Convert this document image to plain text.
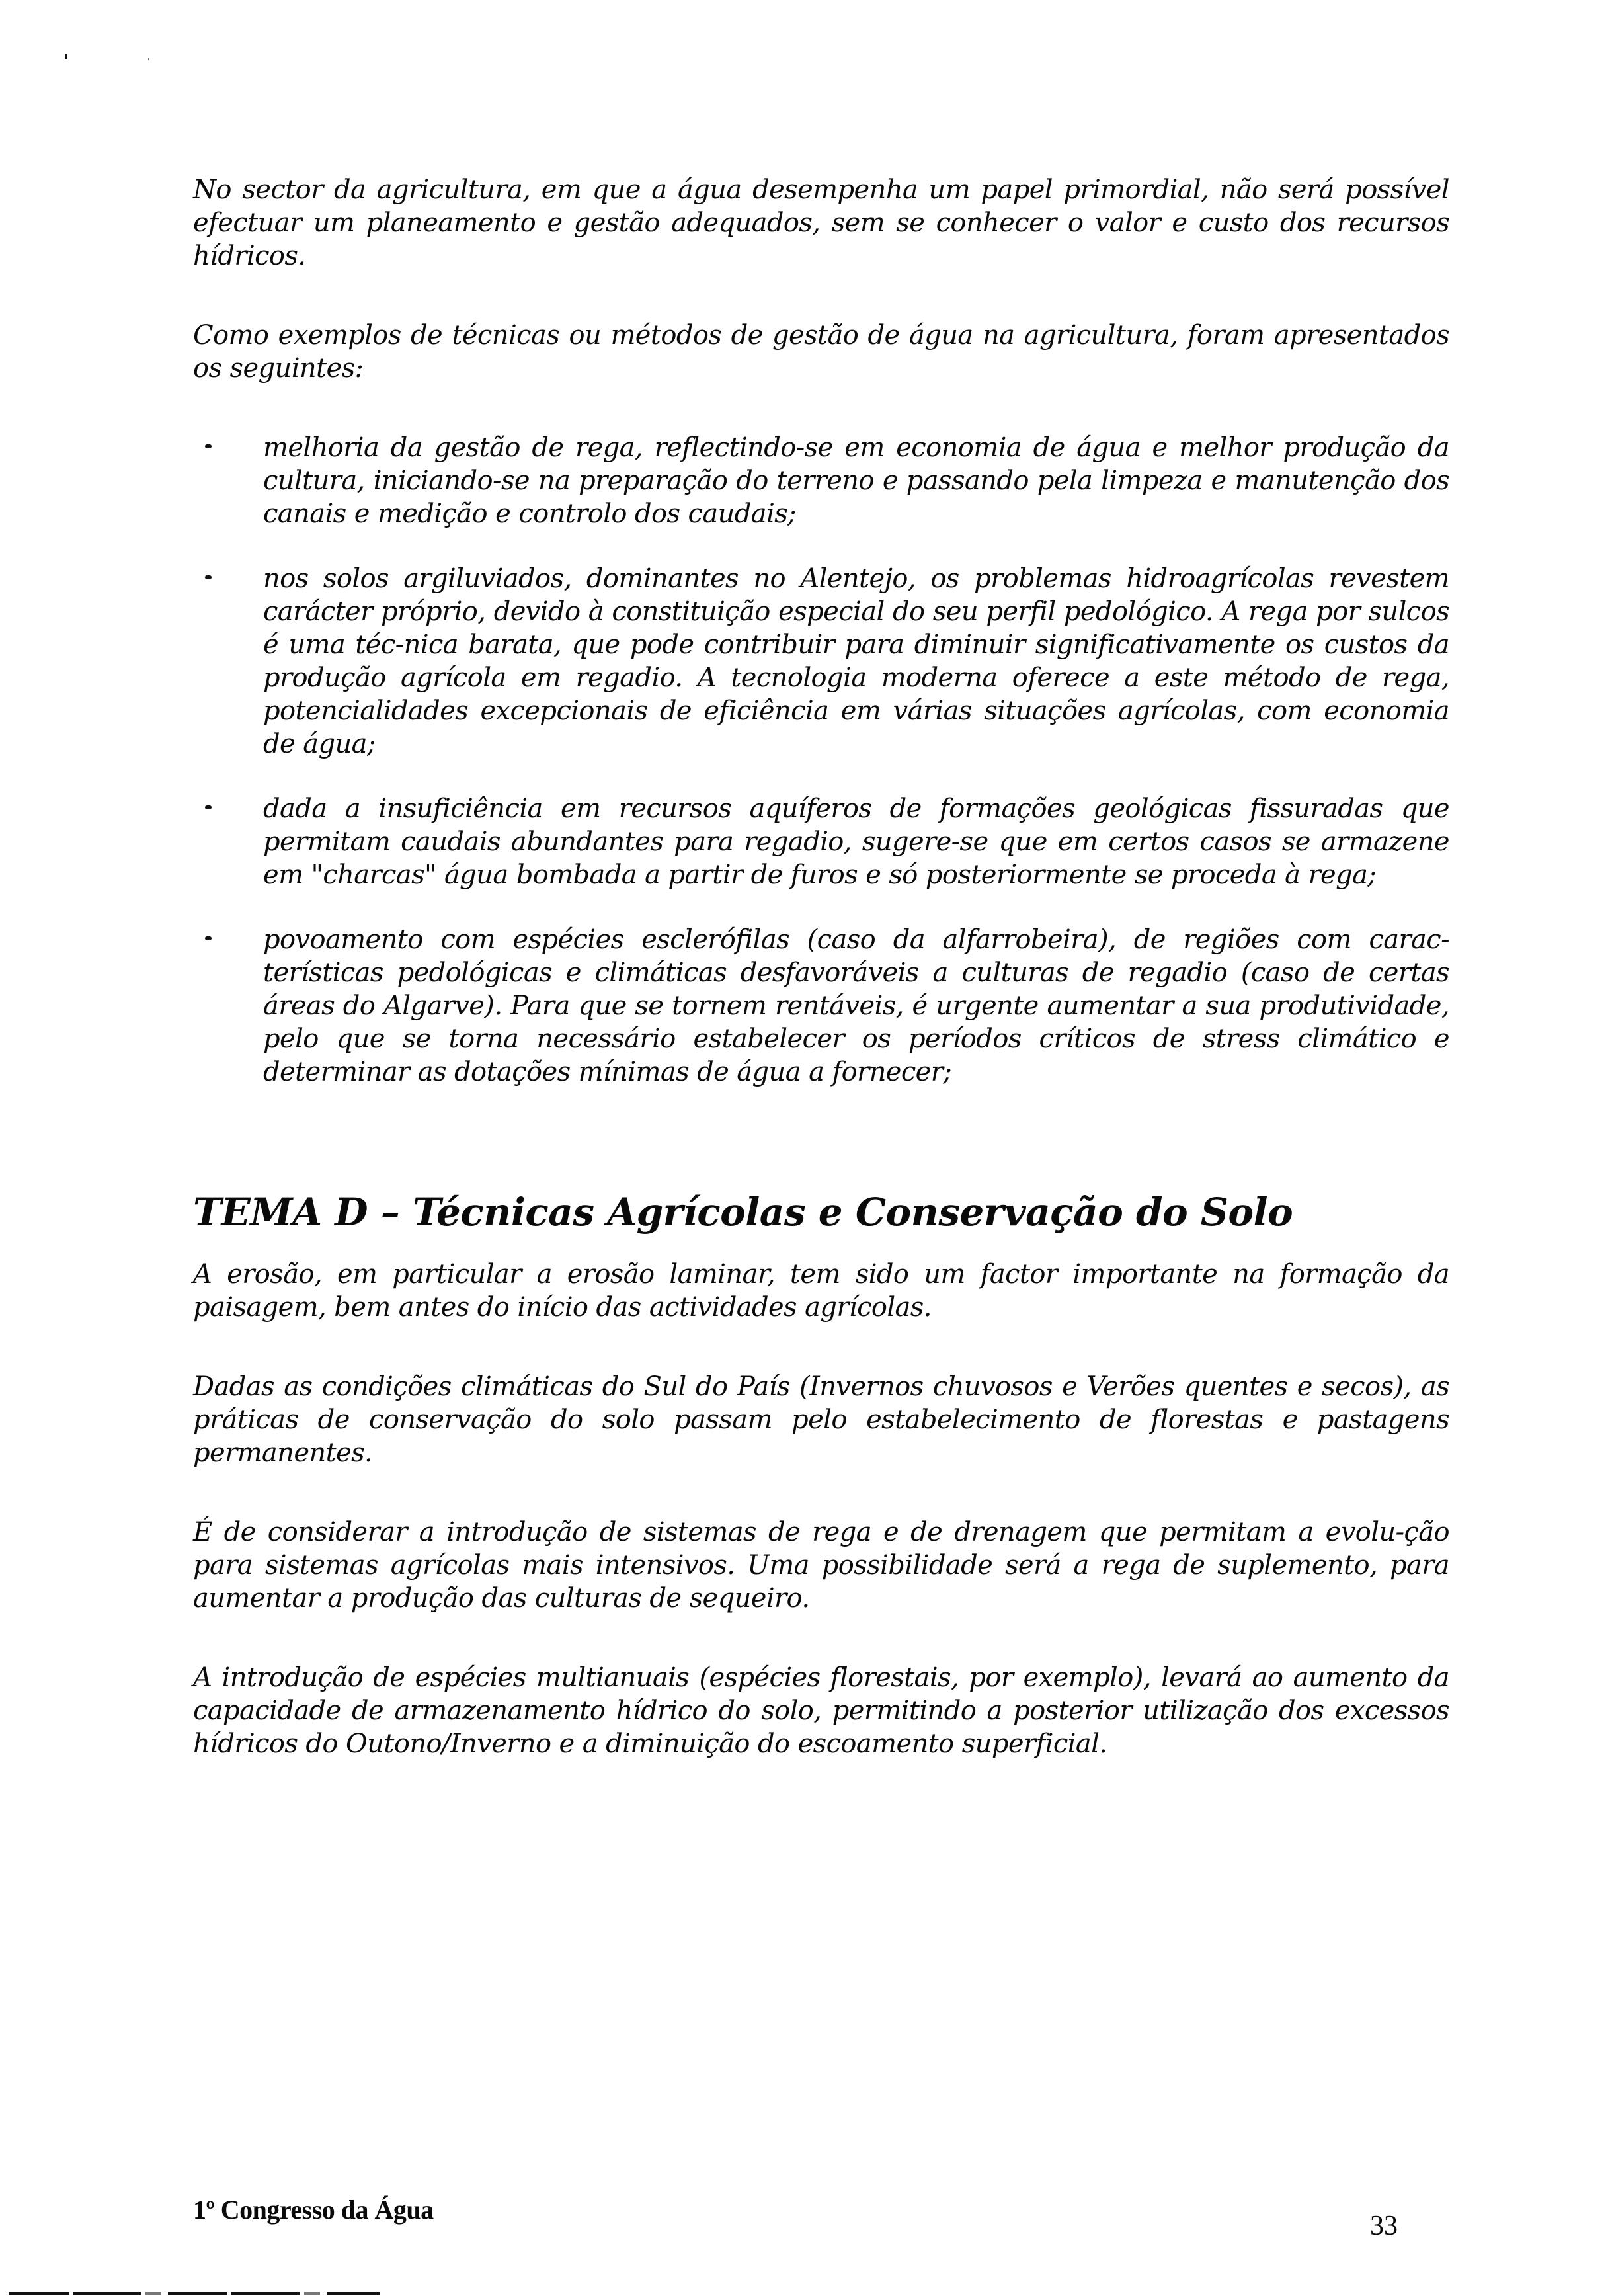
No sector da agricultura, em que a água desempenha um papel primordial, não será possível efectuar um planeamento e gestão adequados, sem se conhecer o valor e custo dos recursos hídricos.

Como exemplos de técnicas ou métodos de gestão de água na agricultura, foram apresentados os seguintes:

melhoria da gestão de rega, reflectindo-se em economia de água e melhor produção da cultura, iniciando-se na preparação do terreno e passando pela limpeza e manutenção dos canais e medição e controlo dos caudais;

nos solos argiluviados, dominantes no Alentejo, os problemas hidroagrícolas revestem carácter próprio, devido à constituição especial do seu perfil pedológico. A rega por sulcos é uma téc-nica barata, que pode contribuir para diminuir significativamente os custos da produção agrícola em regadio. A tecnologia moderna oferece a este método de rega, potencialidades excepcionais de eficiência em várias situações agrícolas, com economia de água;

dada a insuficiência em recursos aquíferos de formações geológicas fissuradas que permitam caudais abundantes para regadio, sugere-se que em certos casos se armazene em "charcas" água bombada a partir de furos e só posteriormente se proceda à rega;

povoamento com espécies esclerófilas (caso da alfarrobeira), de regiões com carac-terísticas pedológicas e climáticas desfavoráveis a culturas de regadio (caso de certas áreas do Algarve). Para que se tornem rentáveis, é urgente aumentar a sua produtividade, pelo que se torna necessário estabelecer os períodos críticos de stress climático e determinar as dotações mínimas de água a fornecer;

TEMA D – Técnicas Agrícolas e Conservação do Solo

A erosão, em particular a erosão laminar, tem sido um factor importante na formação da paisagem, bem antes do início das actividades agrícolas.

Dadas as condições climáticas do Sul do País (Invernos chuvosos e Verões quentes e secos), as práticas de conservação do solo passam pelo estabelecimento de florestas e pastagens permanentes.

É de considerar a introdução de sistemas de rega e de drenagem que permitam a evolu-ção para sistemas agrícolas mais intensivos. Uma possibilidade será a rega de suplemento, para aumentar a produção das culturas de sequeiro.

A introdução de espécies multianuais (espécies florestais, por exemplo), levará ao aumento da capacidade de armazenamento hídrico do solo, permitindo a posterior utilização dos excessos hídricos do Outono/Inverno e a diminuição do escoamento superficial.

1º Congresso da Água
33
